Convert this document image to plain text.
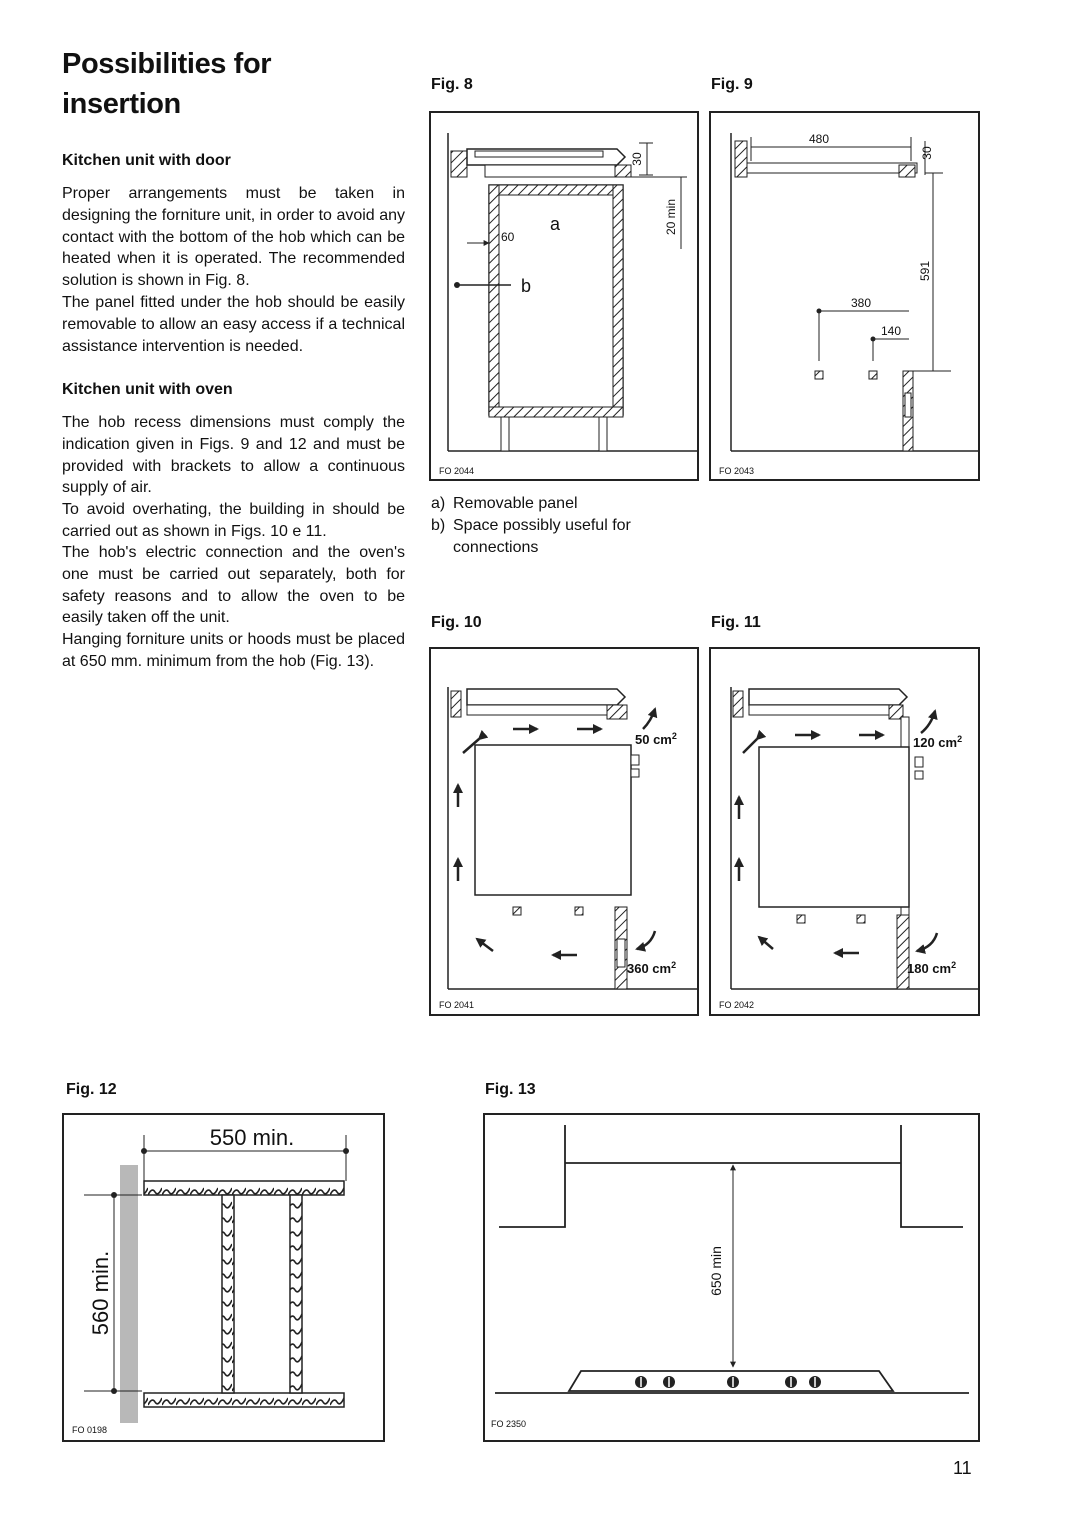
Possibilities for insertion
Kitchen unit with door

Proper arrangements must be taken in designing the forniture unit, in order to avoid any contact with the bottom of the hob which can be heated when it is operated. The recommended solution is shown in Fig. 8.

The panel fitted under the hob should be easily removable to allow an easy access if a technical assistance intervention is needed.

Kitchen unit with oven

The hob recess dimensions must comply the indication given in Figs. 9 and 12 and must be provided with brackets to allow a continuous supply of air.

To avoid overhating, the building in should be carried out as shown in Figs. 10 e 11.

The hob's electric connection and the oven's one must be carried out separately, both for safety reasons and to allow the oven to be easily taken off the unit.

Hanging forniture units or hoods must be placed at 650 mm. minimum from the hob (Fig. 13).

Fig. 8	Fig. 9
Fig. 10	Fig. 11
Fig. 12	Fig. 13
30
20 min
60
a
b
FO 2044
480
30
591
380
140
FO 2043
a) Removable panel
b) Space possibly useful for connections
50 $cm^2$
360 $cm^2$
FO 2041
120 $cm^2$
180 $cm^2$
FO 2042
550 min.
560 min.
FO 0198
650 min
FO 2350
11
